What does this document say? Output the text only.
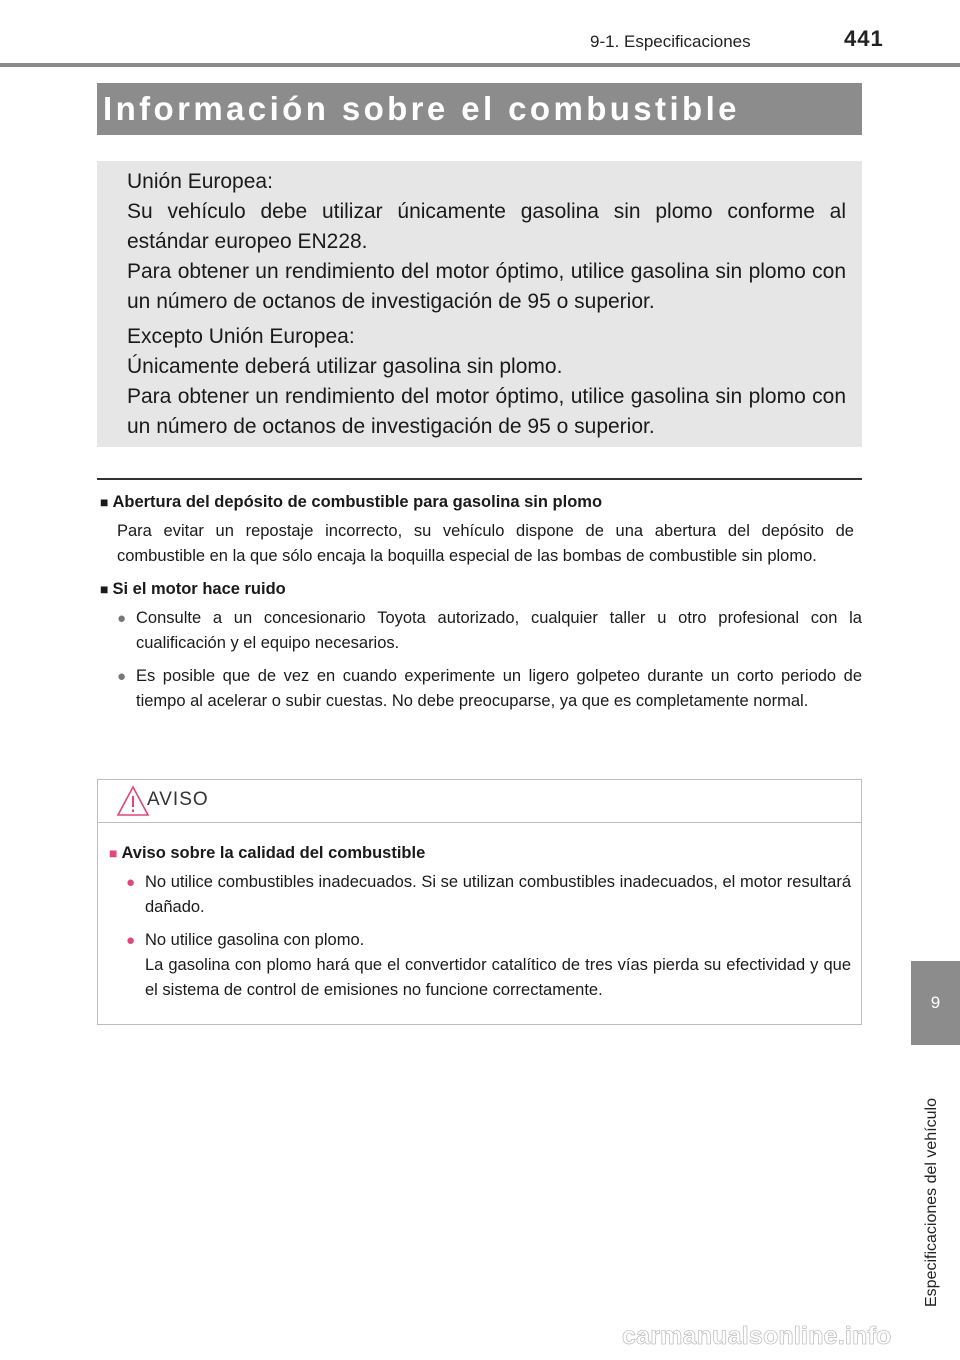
9-1. Especificaciones	441
Información sobre el combustible

Unión Europea:

Su vehículo debe utilizar únicamente gasolina sin plomo conforme al estándar europeo EN228.

Para obtener un rendimiento del motor óptimo, utilice gasolina sin plomo con un número de octanos de investigación de 95 o superior.

Excepto Unión Europea:

Únicamente deberá utilizar gasolina sin plomo.

Para obtener un rendimiento del motor óptimo, utilice gasolina sin plomo con un número de octanos de investigación de 95 o superior.

■ Abertura del depósito de combustible para gasolina sin plomo

Para evitar un repostaje incorrecto, su vehículo dispone de una abertura del depósito de combustible en la que sólo encaja la boquilla especial de las bombas de combustible sin plomo.

■ Si el motor hace ruido

● Consulte a un concesionario Toyota autorizado, cualquier taller u otro profesional con la cualificación y el equipo necesarios.
● Es posible que de vez en cuando experimente un ligero golpeteo durante un corto periodo de tiempo al acelerar o subir cuestas. No debe preocuparse, ya que es completamente normal.
AVISO

■ Aviso sobre la calidad del combustible

● No utilice combustibles inadecuados. Si se utilizan combustibles inadecuados, el motor resultará dañado.
● No utilice gasolina con plomo.
La gasolina con plomo hará que el convertidor catalítico de tres vías pierda su efectividad y que el sistema de control de emisiones no funcione correctamente.
9
Especificaciones del vehículo
carmanualsonline.info
